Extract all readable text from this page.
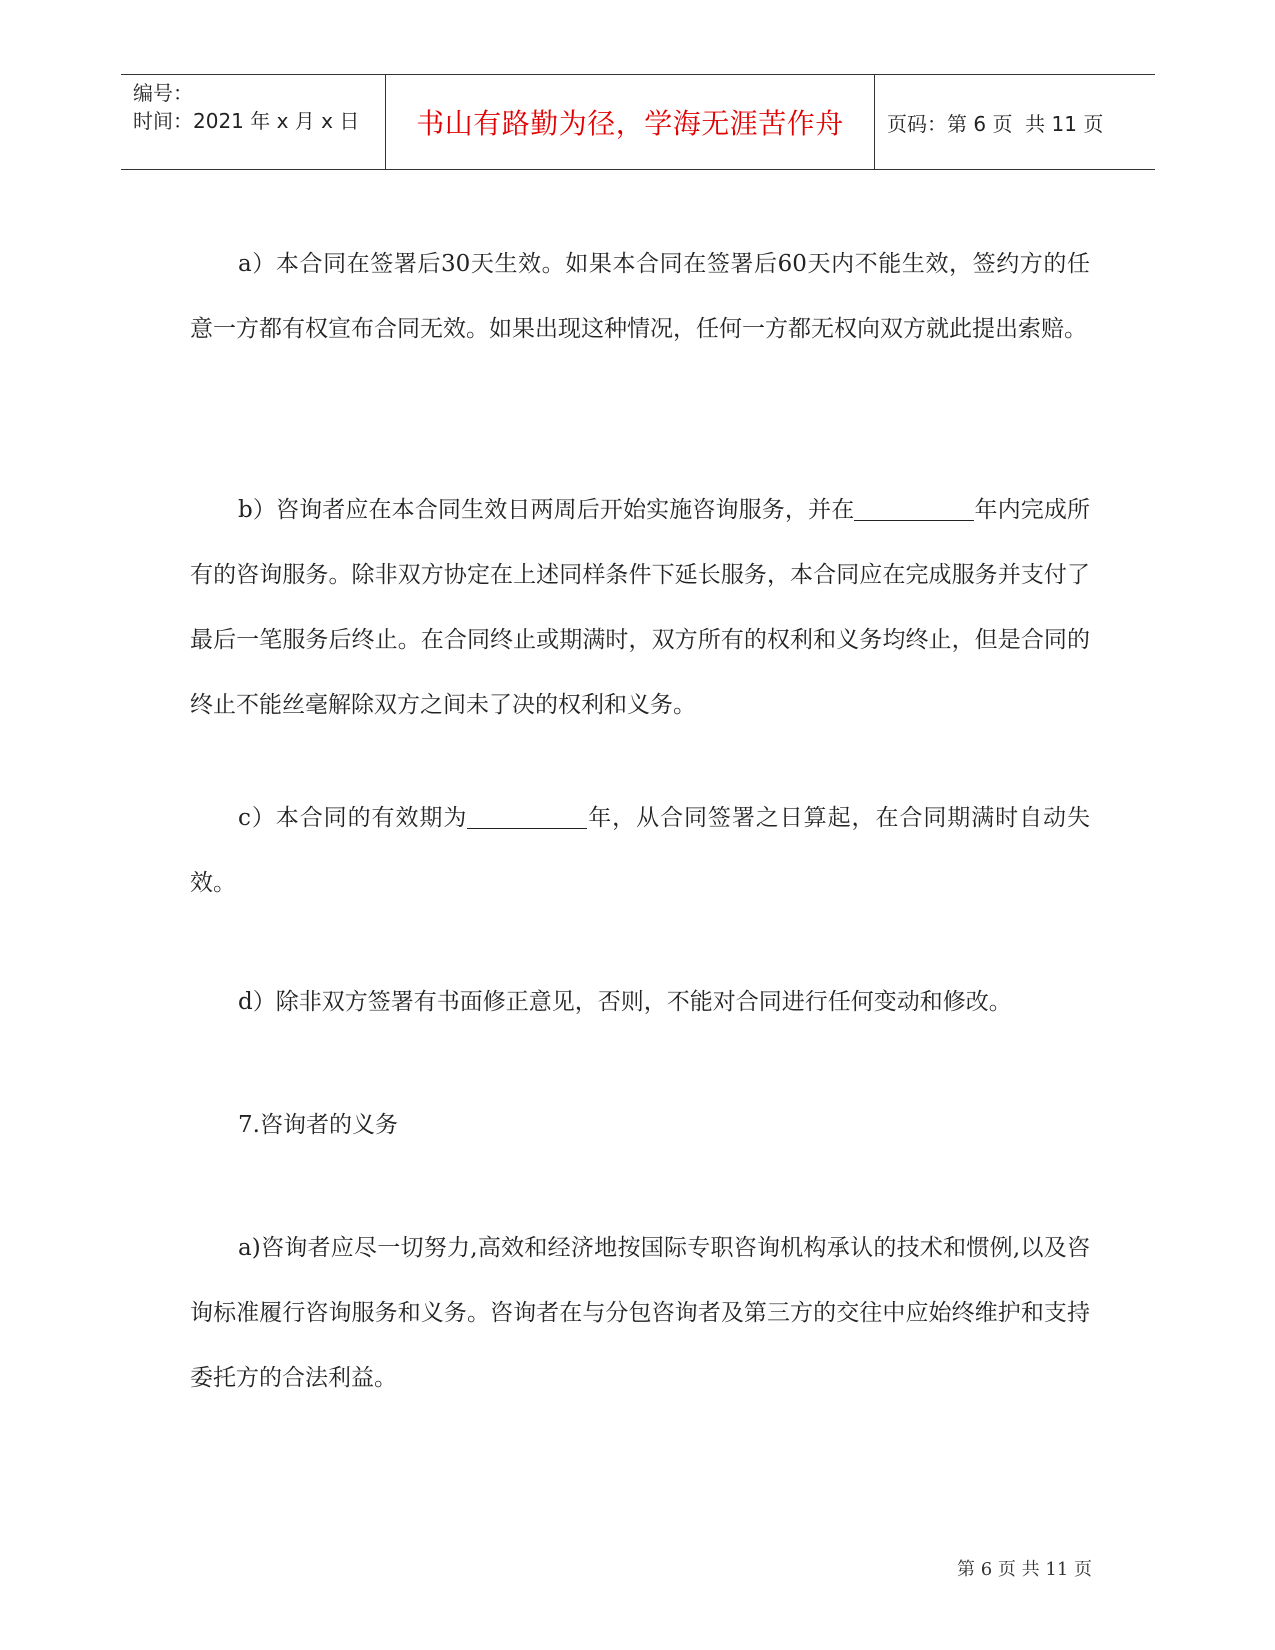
编号：
时间：2021 年 x 月 x 日	书山有路勤为径，学海无涯苦作舟	页码：第 6 页  共 11 页

a）本合同在签署后30天生效。如果本合同在签署后60天内不能生效，签约方的任意一方都有权宣布合同无效。如果出现这种情况，任何一方都无权向双方就此提出索赔。

b）咨询者应在本合同生效日两周后开始实施咨询服务，并在	年内完成所有的咨询服务。除非双方协定在上述同样条件下延长服务，本合同应在完成服务并支付了最后一笔服务后终止。在合同终止或期满时，双方所有的权利和义务均终止，但是合同的终止不能丝毫解除双方之间未了决的权利和义务。

c）本合同的有效期为	年，从合同签署之日算起，在合同期满时自动失效。

d）除非双方签署有书面修正意见，否则，不能对合同进行任何变动和修改。

7.咨询者的义务

a)咨询者应尽一切努力,高效和经济地按国际专职咨询机构承认的技术和惯例,以及咨询标准履行咨询服务和义务。咨询者在与分包咨询者及第三方的交往中应始终维护和支持委托方的合法利益。

第 6 页 共 11 页
